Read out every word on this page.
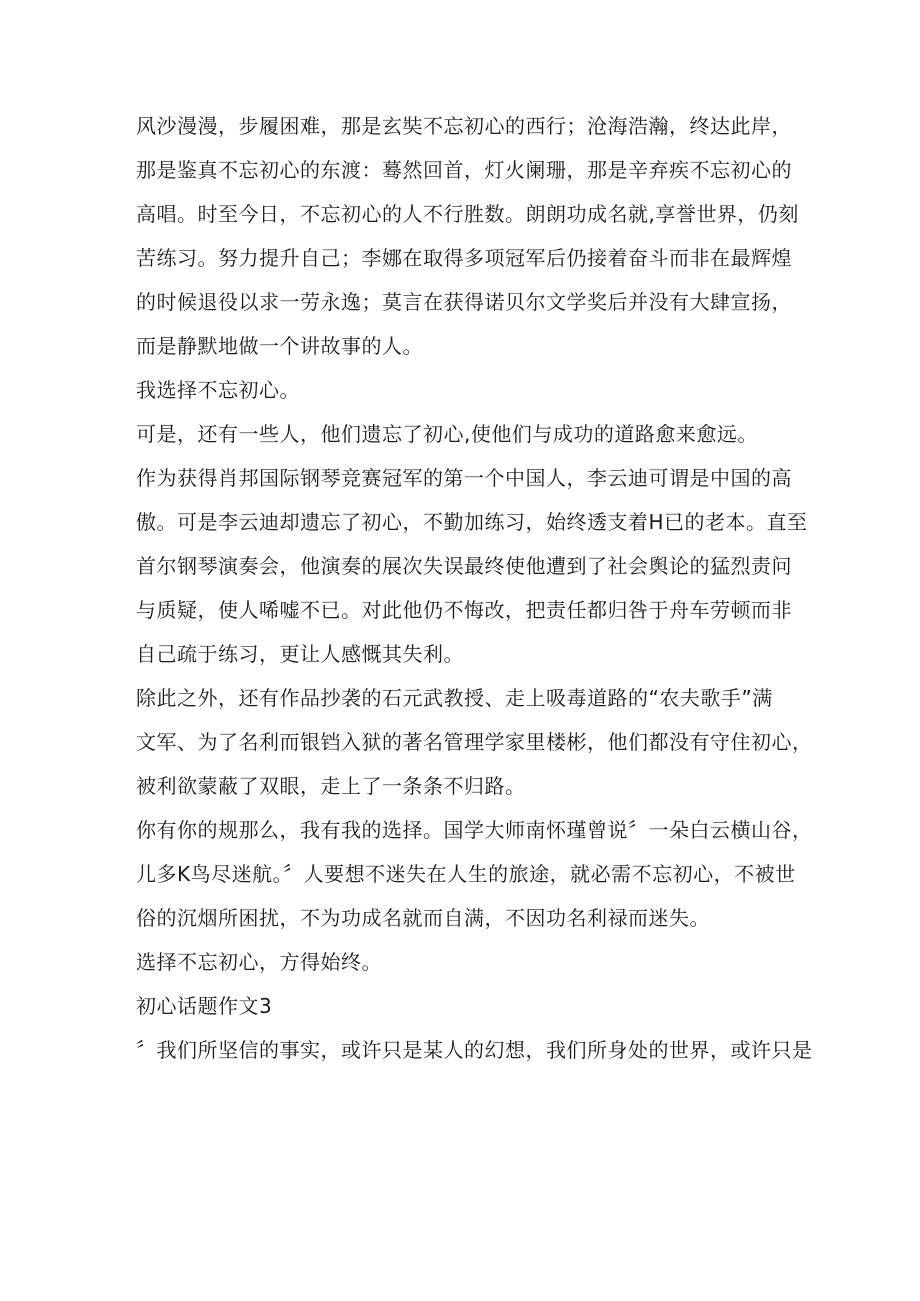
风沙漫漫，步履困难，那是玄奘不忘初心的西行；沧海浩瀚，终达此岸，
那是鉴真不忘初心的东渡：蓦然回首，灯火阑珊，那是辛弃疾不忘初心的
高唱。时至今日，不忘初心的人不行胜数。朗朗功成名就,享誉世界，仍刻
苦练习。努力提升自己；李娜在取得多项冠军后仍接着奋斗而非在最辉煌
的时候退役以求一劳永逸；莫言在获得诺贝尔文学奖后并没有大肆宣扬，
而是静默地做一个讲故事的人。
我选择不忘初心。
可是，还有一些人，他们遗忘了初心,使他们与成功的道路愈来愈远。
作为获得肖邦国际钢琴竞赛冠军的第一个中国人，李云迪可谓是中国的高
傲。可是李云迪却遗忘了初心，不勤加练习，始终透支着H已的老本。直至
首尔钢琴演奏会，他演奏的展次失误最终使他遭到了社会舆论的猛烈责问
与质疑，使人唏嘘不已。对此他仍不悔改，把责任都归咎于舟车劳顿而非
自己疏于练习，更让人感慨其失利。
除此之外，还有作品抄袭的石元武教授、走上吸毒道路的“农夫歌手”满
文军、为了名利而银铛入狱的著名管理学家里楼彬，他们都没有守住初心，
被利欲蒙蔽了双眼，走上了一条条不归路。
你有你的规那么，我有我的选择。国学大师南怀瑾曾说〞一朵白云横山谷，
儿多K鸟尽迷航。〞人要想不迷失在人生的旅途，就必需不忘初心，不被世
俗的沉烟所困扰，不为功成名就而自满，不因功名利禄而迷失。
选择不忘初心，方得始终。
初心话题作文3
〞我们所坚信的事实，或许只是某人的幻想，我们所身处的世界，或许只是
